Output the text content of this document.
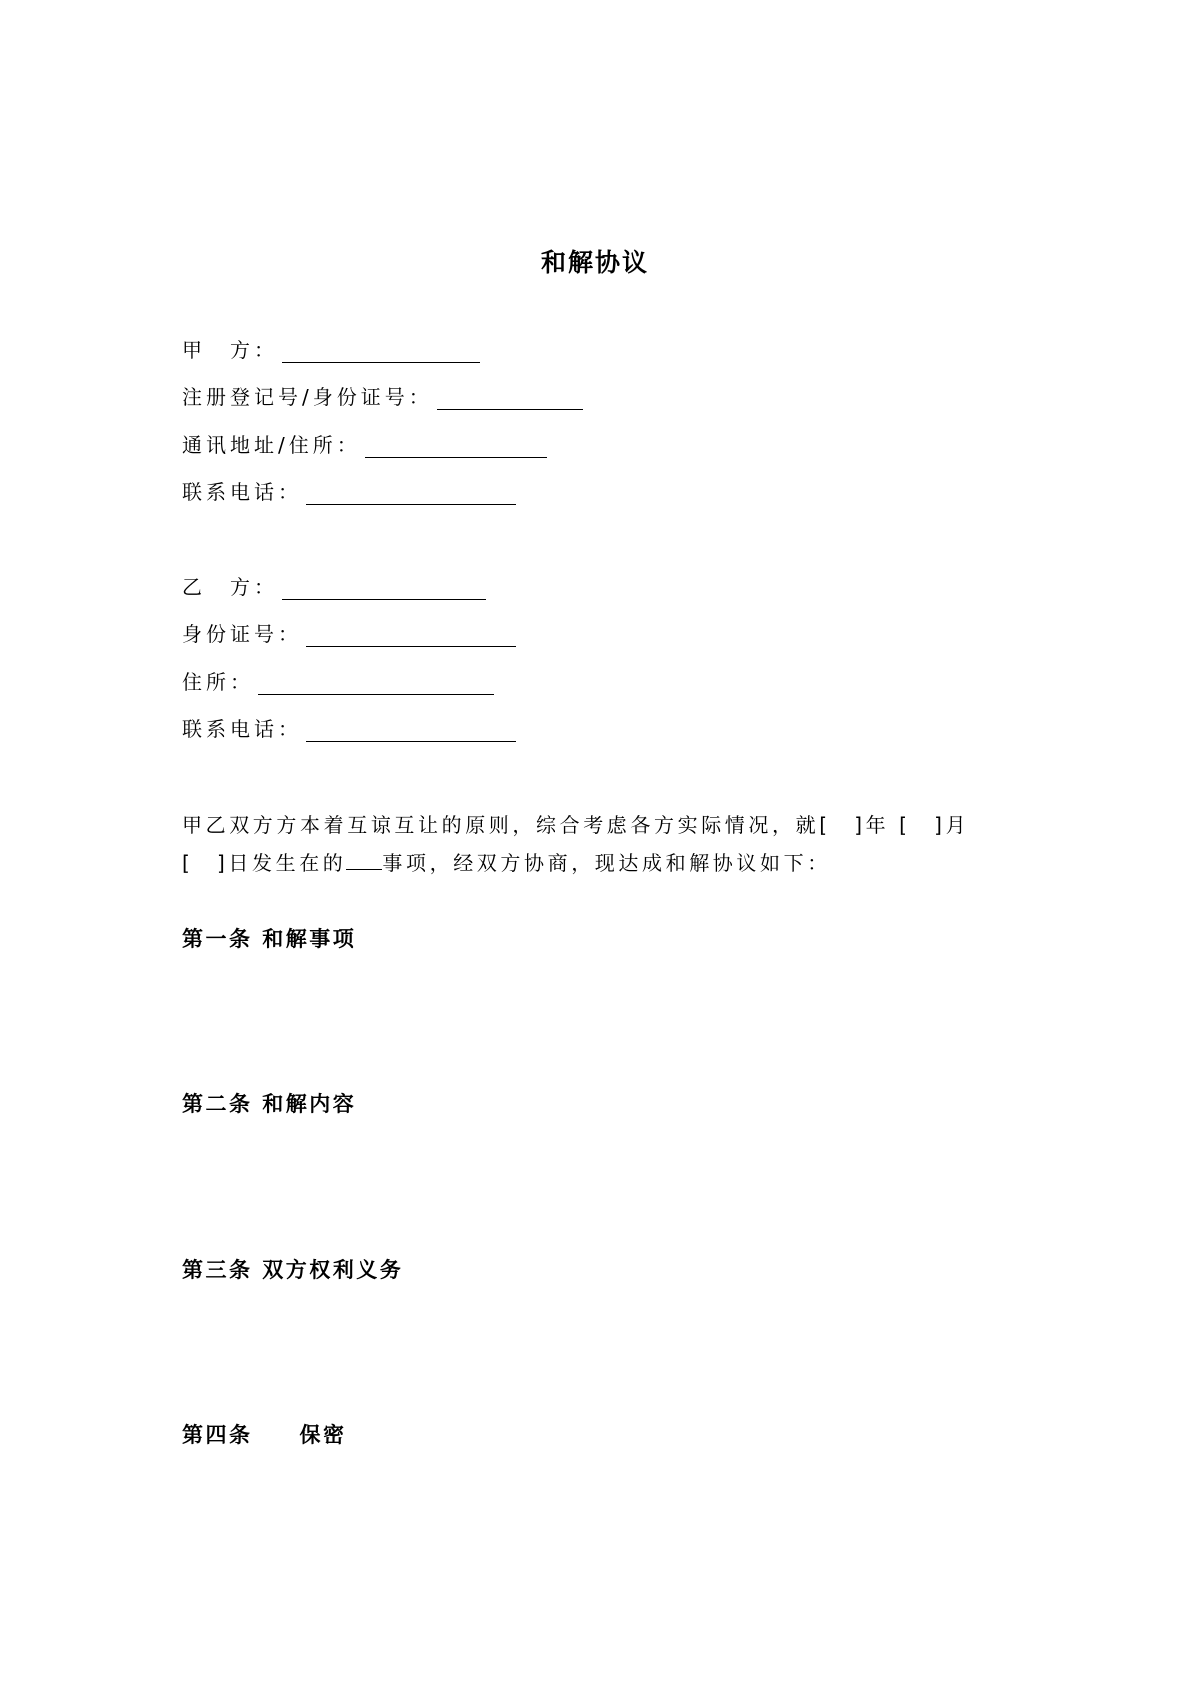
和解协议
甲 方：
注册登记号/身份证号：
通讯地址/住所：
联系电话：
乙 方：
身份证号：
住所：
联系电话：
甲乙双方方本着互谅互让的原则，综合考虑各方实际情况，就[　]年 [　]月
[　]日发生在的 事项，经双方协商，现达成和解协议如下：
第一条 和解事项
第二条 和解内容
第三条 双方权利义务
第四条　　保密
